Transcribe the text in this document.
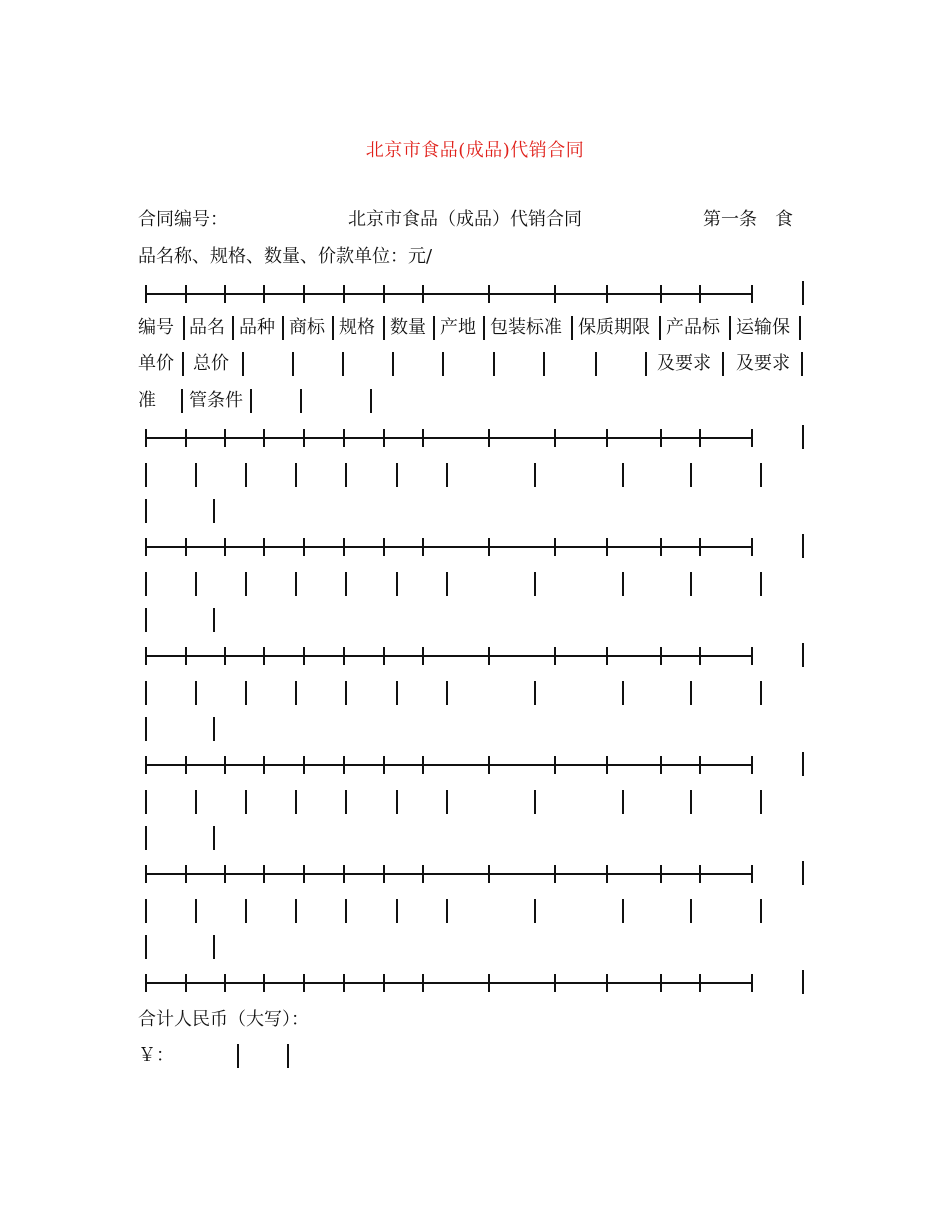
北京市食品(成品)代销合同
合同编号：	北京市食品（成品）代销合同	第一条　食
品名称、规格、数量、价款单位：元/
编号 品名 品种 商标 规格 数量 产地 包装标准 保质期限 产品标 运输保
单价 总价	及要求 及要求
准 管条件
合计人民币（大写）：
￥：
